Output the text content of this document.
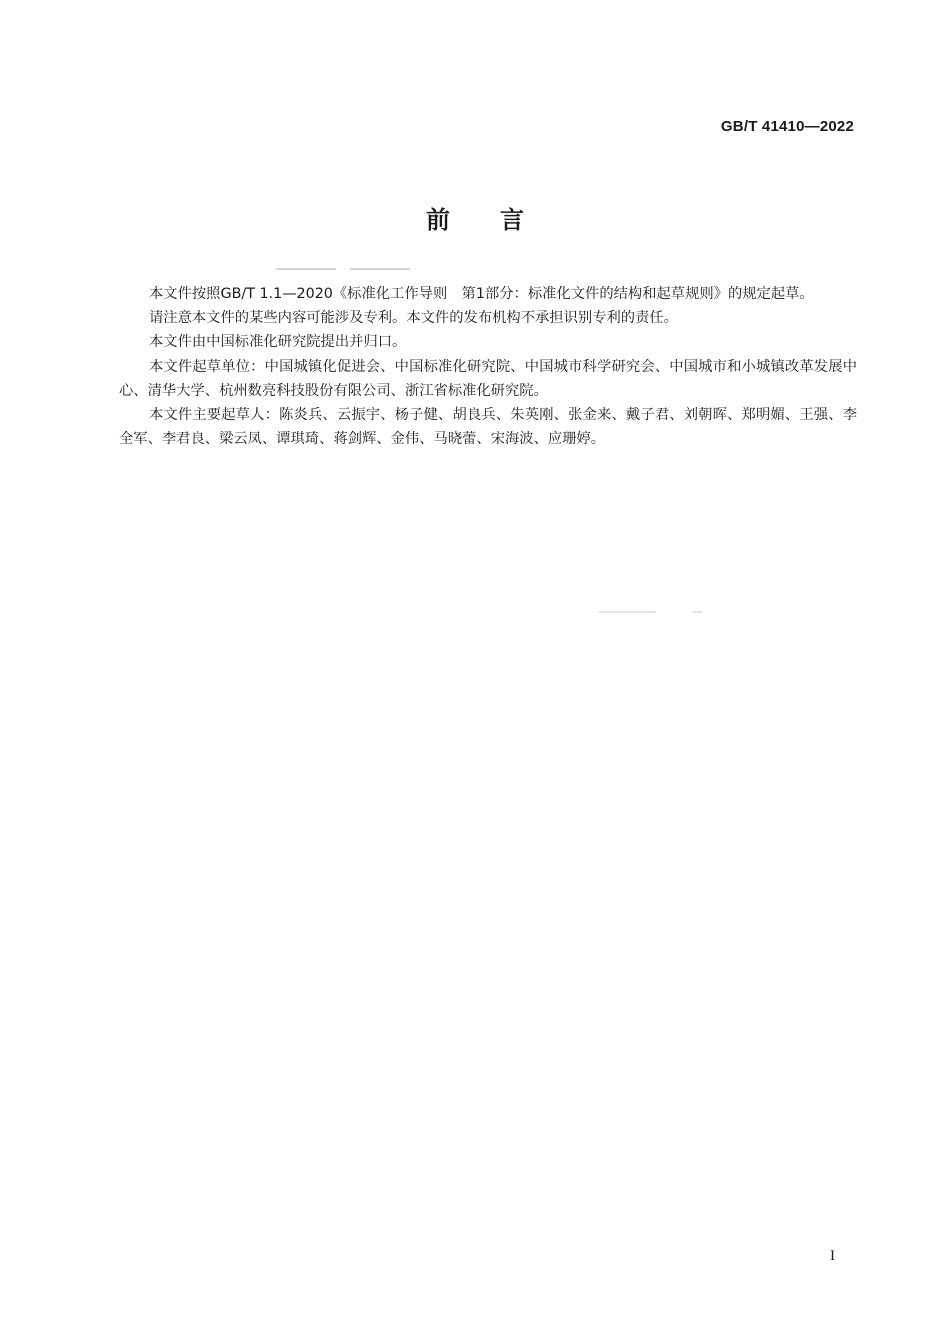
GB/T 41410—2022
前言

本文件按照GB/T 1.1—2020《标准化工作导则　第1部分：标准化文件的结构和起草规则》的规定起草。

请注意本文件的某些内容可能涉及专利。本文件的发布机构不承担识别专利的责任。

本文件由中国标准化研究院提出并归口。

本文件起草单位：中国城镇化促进会、中国标准化研究院、中国城市科学研究会、中国城市和小城镇改革发展中心、清华大学、杭州数亮科技股份有限公司、浙江省标准化研究院。

本文件主要起草人：陈炎兵、云振宇、杨子健、胡良兵、朱英刚、张金来、戴子君、刘朝晖、郑明媚、王强、李全军、李君良、梁云凤、谭琪琦、蒋剑辉、金伟、马晓蕾、宋海波、应珊婷。

I
